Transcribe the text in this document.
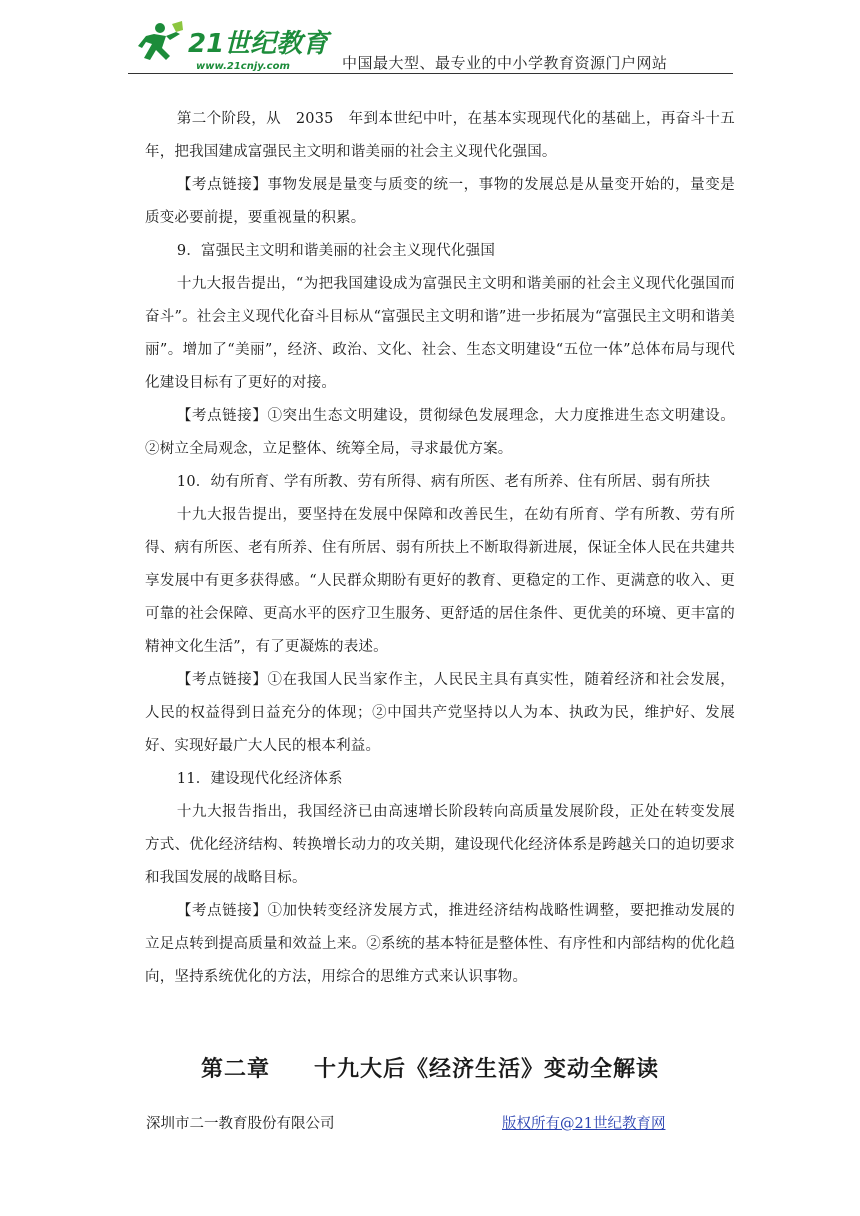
21世纪教育
www.21cnjy.com	中国最大型、最专业的中小学教育资源门户网站

第二个阶段，从　2035　年到本世纪中叶，在基本实现现代化的基础上，再奋斗十五年，把我国建成富强民主文明和谐美丽的社会主义现代化强国。

【考点链接】事物发展是量变与质变的统一，事物的发展总是从量变开始的，量变是质变必要前提，要重视量的积累。

9．富强民主文明和谐美丽的社会主义现代化强国

十九大报告提出，“为把我国建设成为富强民主文明和谐美丽的社会主义现代化强国而奋斗”。社会主义现代化奋斗目标从“富强民主文明和谐”进一步拓展为“富强民主文明和谐美丽”。增加了“美丽”，经济、政治、文化、社会、生态文明建设“五位一体”总体布局与现代化建设目标有了更好的对接。

【考点链接】①突出生态文明建设，贯彻绿色发展理念，大力度推进生态文明建设。②树立全局观念，立足整体、统筹全局，寻求最优方案。

10．幼有所育、学有所教、劳有所得、病有所医、老有所养、住有所居、弱有所扶

十九大报告提出，要坚持在发展中保障和改善民生，在幼有所育、学有所教、劳有所得、病有所医、老有所养、住有所居、弱有所扶上不断取得新进展，保证全体人民在共建共享发展中有更多获得感。“人民群众期盼有更好的教育、更稳定的工作、更满意的收入、更可靠的社会保障、更高水平的医疗卫生服务、更舒适的居住条件、更优美的环境、更丰富的精神文化生活”，有了更凝炼的表述。

【考点链接】①在我国人民当家作主，人民民主具有真实性，随着经济和社会发展，人民的权益得到日益充分的体现；②中国共产党坚持以人为本、执政为民，维护好、发展好、实现好最广大人民的根本利益。

11．建设现代化经济体系

十九大报告指出，我国经济已由高速增长阶段转向高质量发展阶段，正处在转变发展方式、优化经济结构、转换增长动力的攻关期，建设现代化经济体系是跨越关口的迫切要求和我国发展的战略目标。

【考点链接】①加快转变经济发展方式，推进经济结构战略性调整，要把推动发展的立足点转到提高质量和效益上来。②系统的基本特征是整体性、有序性和内部结构的优化趋向，坚持系统优化的方法，用综合的思维方式来认识事物。

第二章 十九大后《经济生活》变动全解读
深圳市二一教育股份有限公司	版权所有@21世纪教育网
